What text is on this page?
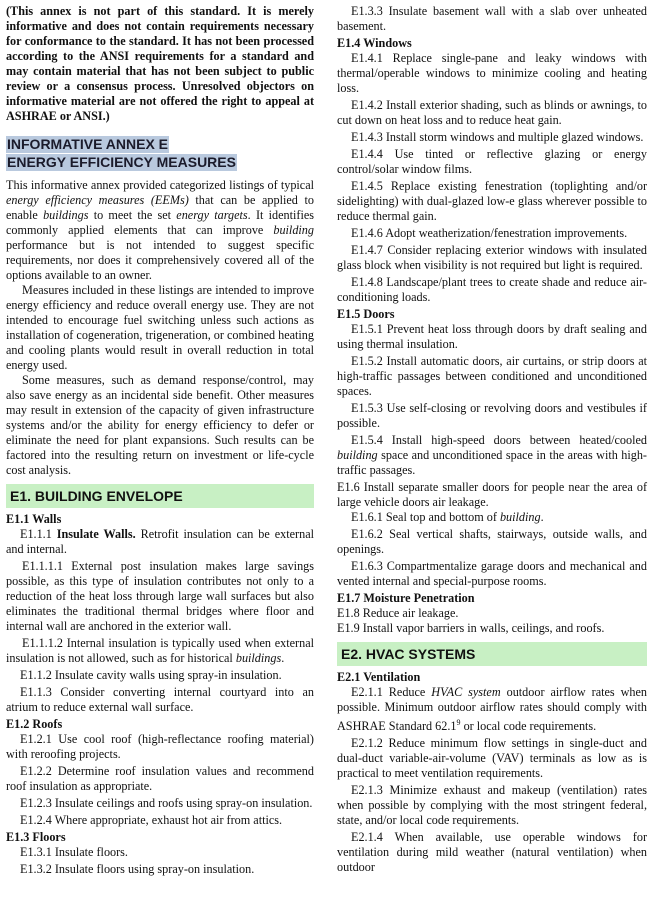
(This annex is not part of this standard. It is merely informative and does not contain requirements necessary for conformance to the standard. It has not been processed according to the ANSI requirements for a standard and may contain material that has not been subject to public review or a consensus process. Unresolved objectors on informative material are not offered the right to appeal at ASHRAE or ANSI.)

INFORMATIVE ANNEX E
ENERGY EFFICIENCY MEASURES

This informative annex provided categorized listings of typical energy efficiency measures (EEMs) that can be applied to enable buildings to meet the set energy targets. It identifies commonly applied elements that can improve building performance but is not intended to suggest specific requirements, nor does it comprehensively covered all of the options available to an owner.

Measures included in these listings are intended to improve energy efficiency and reduce overall energy use. They are not intended to encourage fuel switching unless such actions as installation of cogeneration, trigeneration, or combined heating and cooling plants would result in overall reduction in total energy used.

Some measures, such as demand response/control, may also save energy as an incidental side benefit. Other measures may result in extension of the capacity of given infrastructure systems and/or the ability for energy efficiency to defer or eliminate the need for plant expansions. Such results can be factored into the resulting return on investment or life-cycle cost analysis.

E1. BUILDING ENVELOPE

E1.1 Walls

E1.1.1 Insulate Walls. Retrofit insulation can be external and internal.

E1.1.1.1 External post insulation makes large savings possible, as this type of insulation contributes not only to a reduction of the heat loss through large wall surfaces but also eliminates the traditional thermal bridges where floor and internal wall are anchored in the exterior wall.

E1.1.1.2 Internal insulation is typically used when external insulation is not allowed, such as for historical buildings.

E1.1.2 Insulate cavity walls using spray-in insulation.

E1.1.3 Consider converting internal courtyard into an atrium to reduce external wall surface.

E1.2 Roofs

E1.2.1 Use cool roof (high-reflectance roofing material) with reroofing projects.

E1.2.2 Determine roof insulation values and recommend roof insulation as appropriate.

E1.2.3 Insulate ceilings and roofs using spray-on insulation.

E1.2.4 Where appropriate, exhaust hot air from attics.

E1.3 Floors

E1.3.1 Insulate floors.

E1.3.2 Insulate floors using spray-on insulation.

E1.3.3 Insulate basement wall with a slab over unheated basement.

E1.4 Windows

E1.4.1 Replace single-pane and leaky windows with thermal/operable windows to minimize cooling and heating loss.

E1.4.2 Install exterior shading, such as blinds or awnings, to cut down on heat loss and to reduce heat gain.

E1.4.3 Install storm windows and multiple glazed windows.

E1.4.4 Use tinted or reflective glazing or energy control/solar window films.

E1.4.5 Replace existing fenestration (toplighting and/or sidelighting) with dual-glazed low-e glass wherever possible to reduce thermal gain.

E1.4.6 Adopt weatherization/fenestration improvements.

E1.4.7 Consider replacing exterior windows with insulated glass block when visibility is not required but light is required.

E1.4.8 Landscape/plant trees to create shade and reduce air-conditioning loads.

E1.5 Doors

E1.5.1 Prevent heat loss through doors by draft sealing and using thermal insulation.

E1.5.2 Install automatic doors, air curtains, or strip doors at high-traffic passages between conditioned and unconditioned spaces.

E1.5.3 Use self-closing or revolving doors and vestibules if possible.

E1.5.4 Install high-speed doors between heated/cooled building space and unconditioned space in the areas with high-traffic passages.

E1.6 Install separate smaller doors for people near the area of large vehicle doors air leakage.

E1.6.1 Seal top and bottom of building.

E1.6.2 Seal vertical shafts, stairways, outside walls, and openings.

E1.6.3 Compartmentalize garage doors and mechanical and vented internal and special-purpose rooms.

E1.7 Moisture Penetration

E1.8 Reduce air leakage.

E1.9 Install vapor barriers in walls, ceilings, and roofs.

E2. HVAC SYSTEMS

E2.1 Ventilation

E2.1.1 Reduce HVAC system outdoor airflow rates when possible. Minimum outdoor airflow rates should comply with ASHRAE Standard 62.1$^9$ or local code requirements.

E2.1.2 Reduce minimum flow settings in single-duct and dual-duct variable-air-volume (VAV) terminals as low as is practical to meet ventilation requirements.

E2.1.3 Minimize exhaust and makeup (ventilation) rates when possible by complying with the most stringent federal, state, and/or local code requirements.

E2.1.4 When available, use operable windows for ventilation during mild weather (natural ventilation) when outdoor
